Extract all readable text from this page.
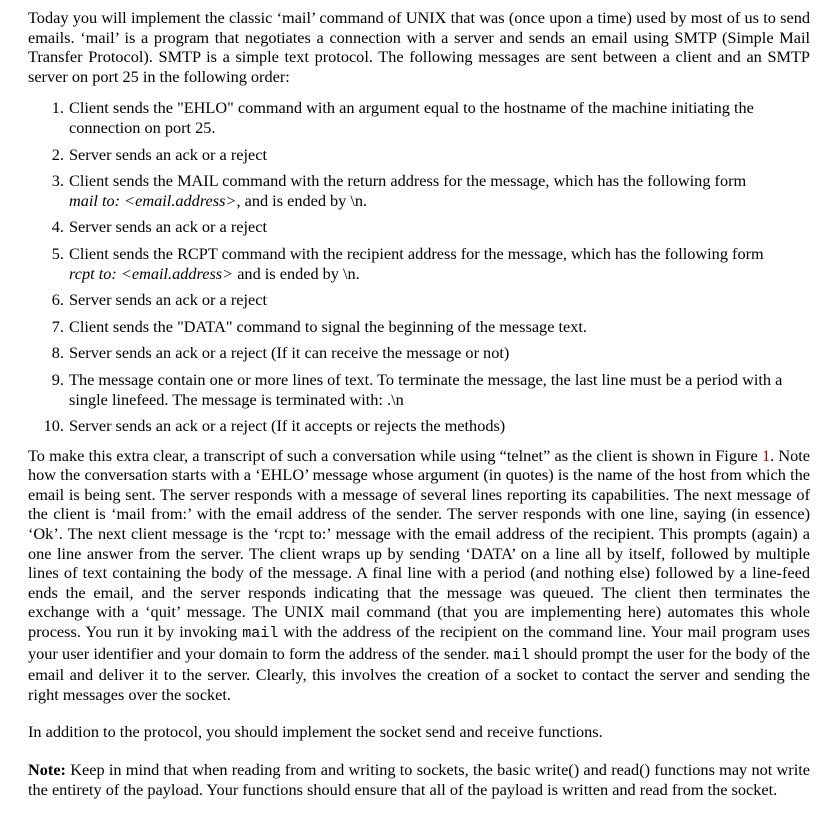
Today you will implement the classic ‘mail’ command of UNIX that was (once upon a time) used by most of us to send emails. ‘mail’ is a program that negotiates a connection with a server and sends an email using SMTP (Simple Mail Transfer Protocol). SMTP is a simple text protocol. The following messages are sent between a client and an SMTP server on port 25 in the following order:

1. Client sends the "EHLO" command with an argument equal to the hostname of the machine initiating the connection on port 25.
2. Server sends an ack or a reject
3. Client sends the MAIL command with the return address for the message, which has the following form
mail to: <email.address>, and is ended by \n.
4. Server sends an ack or a reject
5. Client sends the RCPT command with the recipient address for the message, which has the following form
rcpt to: <email.address> and is ended by \n.
6. Server sends an ack or a reject
7. Client sends the "DATA" command to signal the beginning of the message text.
8. Server sends an ack or a reject (If it can receive the message or not)
9. The message contain one or more lines of text. To terminate the message, the last line must be a period with a single linefeed. The message is terminated with: .\n
10. Server sends an ack or a reject (If it accepts or rejects the methods)

To make this extra clear, a transcript of such a conversation while using “telnet” as the client is shown in Figure 1. Note how the conversation starts with a ‘EHLO’ message whose argument (in quotes) is the name of the host from which the email is being sent. The server responds with a message of several lines reporting its capabilities. The next message of the client is ‘mail from:’ with the email address of the sender. The server responds with one line, saying (in essence) ‘Ok’. The next client message is the ‘rcpt to:’ message with the email address of the recipient. This prompts (again) a one line answer from the server. The client wraps up by sending ‘DATA’ on a line all by itself, followed by multiple lines of text containing the body of the message. A final line with a period (and nothing else) followed by a line-feed ends the email, and the server responds indicating that the message was queued. The client then terminates the exchange with a ‘quit’ message. The UNIX mail command (that you are implementing here) automates this whole process. You run it by invoking mail with the address of the recipient on the command line. Your mail program uses your user identifier and your domain to form the address of the sender. mail should prompt the user for the body of the email and deliver it to the server. Clearly, this involves the creation of a socket to contact the server and sending the right messages over the socket.

In addition to the protocol, you should implement the socket send and receive functions.

Note: Keep in mind that when reading from and writing to sockets, the basic write() and read() functions may not write the entirety of the payload. Your functions should ensure that all of the payload is written and read from the socket.
